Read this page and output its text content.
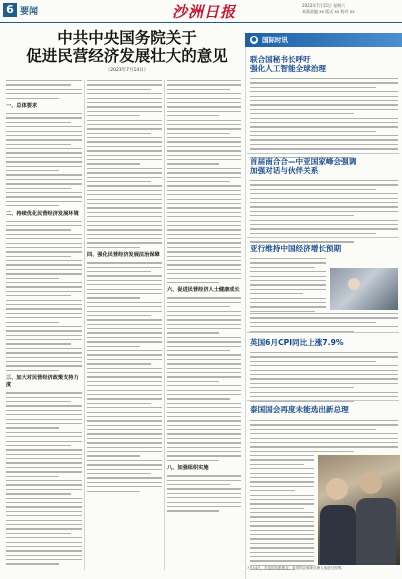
6 要闻	沙洲日报	2023年7月15日 星期六
本版责编 xx 版式 xx 校对 xx
中共中央国务院关于
促进民营经济发展壮大的意见
（2023年7月14日）
一、总体要求
二、持续优化民营经济发展环境
三、加大对民营经济政策支持力度
四、强化民营经济发展法治保障
六、促进民营经济人士健康成长
八、加强组织实施
● 国际时讯
联合国秘书长呼吁
强化人工智能全球治理
首届南合合—中亚国家峰会强调
加强对话与伙伴关系
亚行维持中国经济增长预期
英国6月CPI同比上涨7.9%
泰国国会再度未能选出新总理
7月14日，在泰国首都曼谷，泰国国会就新总理人选进行投票。
